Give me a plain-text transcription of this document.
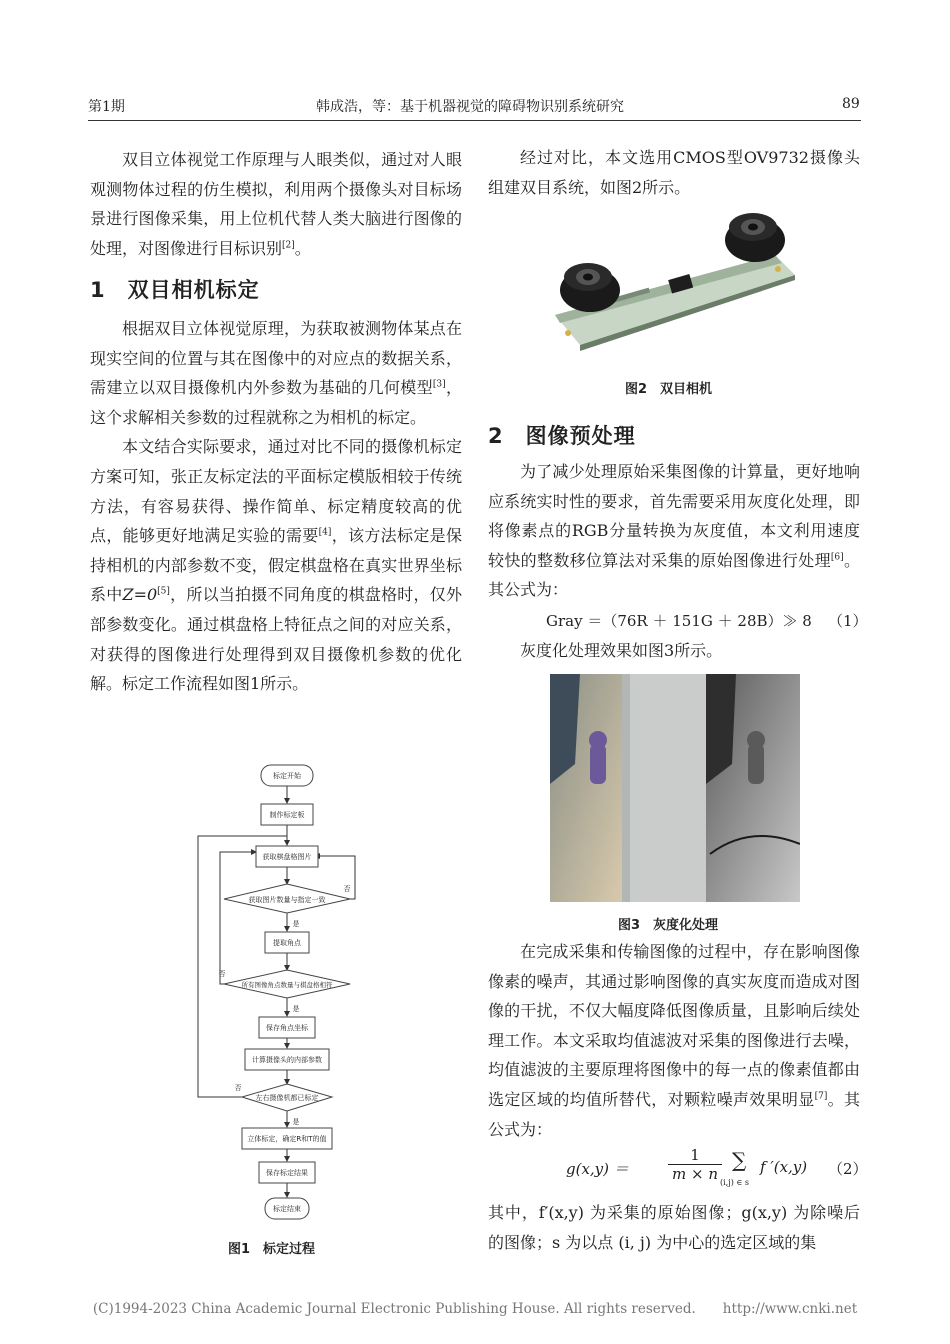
第1期	韩成浩，等：基于机器视觉的障碍物识别系统研究	89

双目立体视觉工作原理与人眼类似，通过对人眼观测物体过程的仿生模拟，利用两个摄像头对目标场景进行图像采集，用上位机代替人类大脑进行图像的处理，对图像进行目标识别[2]。

1　双目相机标定

根据双目立体视觉原理，为获取被测物体某点在现实空间的位置与其在图像中的对应点的数据关系，需建立以双目摄像机内外参数为基础的几何模型[3]，这个求解相关参数的过程就称之为相机的标定。

本文结合实际要求，通过对比不同的摄像机标定方案可知，张正友标定法的平面标定模版相较于传统方法，有容易获得、操作简单、标定精度较高的优点，能够更好地满足实验的需要[4]，该方法标定是保持相机的内部参数不变，假定棋盘格在真实世界坐标系中Z=0[5]，所以当拍摄不同角度的棋盘格时，仅外部参数变化。通过棋盘格上特征点之间的对应关系，对获得的图像进行处理得到双目摄像机参数的优化解。标定工作流程如图1所示。

标定开始
制作标定板
获取棋盘格图片
获取图片数量与指定一致
提取角点
所有图像角点数量与棋盘格相符
保存角点坐标
计算摄像头的内部参数
左右摄像机都已标定
立体标定，确定R和T的值
保存标定结果
标定结束
是
是
是
否
否
否
图1　标定过程

经过对比，本文选用CMOS型OV9732摄像头组建双目系统，如图2所示。

图2　双目相机
2　图像预处理

为了减少处理原始采集图像的计算量，更好地响应系统实时性的要求，首先需要采用灰度化处理，即将像素点的RGB分量转换为灰度值，本文利用速度较快的整数移位算法对采集的原始图像进行处理[6]。其公式为：

Gray ＝（76R ＋ 151G ＋ 28B）≫ 8 （1）

灰度化处理效果如图3所示。

图3　灰度化处理

在完成采集和传输图像的过程中，存在影响图像像素的噪声，其通过影响图像的真实灰度而造成对图像的干扰，不仅大幅度降低图像质量，且影响后续处理工作。本文采取均值滤波对采集的图像进行去噪，均值滤波的主要原理将图像中的每一点的像素值都由选定区域的均值所替代，对颗粒噪声效果明显[7]。其公式为：

g(x,y) ＝	$\frac{1}{m \times n}$ ∑
(i,j) ∈ s
f ′(x,y) （2）

其中，f′(x,y) 为采集的原始图像；g(x,y) 为除噪后的图像；s 为以点 (i, j) 为中心的选定区域的集

(C)1994-2023 China Academic Journal Electronic Publishing House. All rights reserved.　　http://www.cnki.net
